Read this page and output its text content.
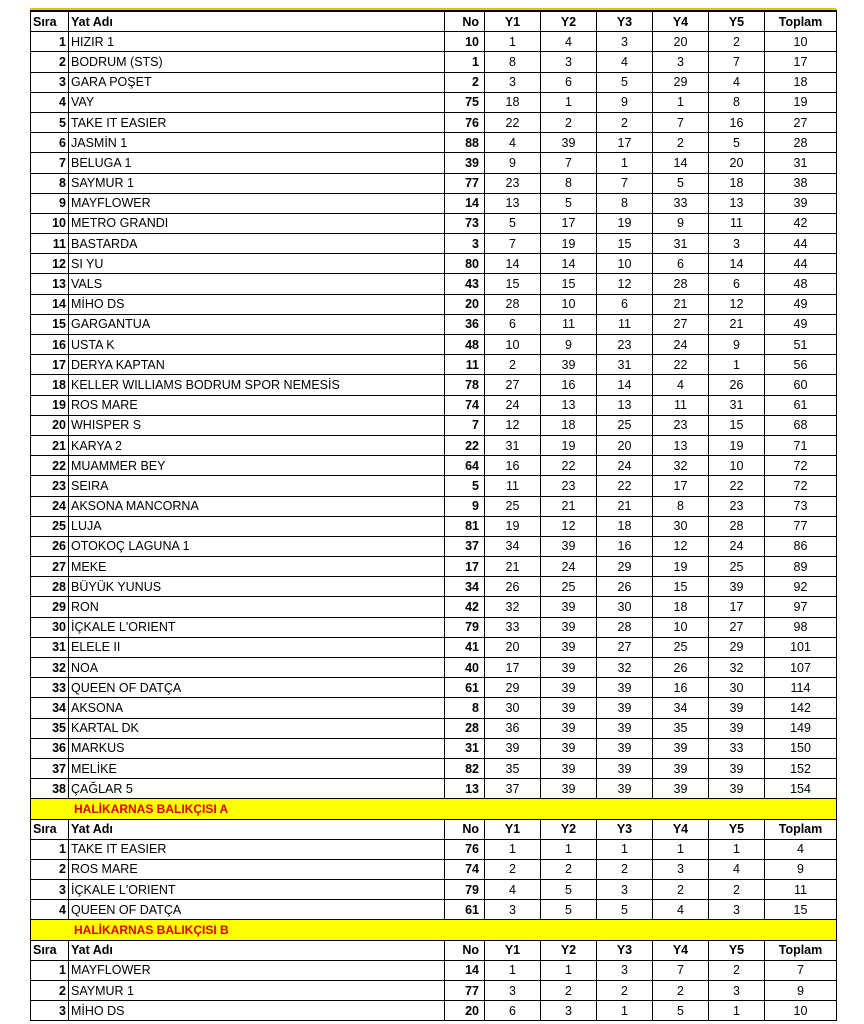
Sıra	Yat Adı	No	Y1	Y2	Y3	Y4	Y5	Toplam
1	HIZIR 1	10	1	4	3	20	2	10
2	BODRUM (STS)	1	8	3	4	3	7	17
3	GARA POŞET	2	3	6	5	29	4	18
4	VAY	75	18	1	9	1	8	19
5	TAKE IT EASIER	76	22	2	2	7	16	27
6	JASMİN 1	88	4	39	17	2	5	28
7	BELUGA 1	39	9	7	1	14	20	31
8	SAYMUR 1	77	23	8	7	5	18	38
9	MAYFLOWER	14	13	5	8	33	13	39
10	METRO GRANDI	73	5	17	19	9	11	42
11	BASTARDA	3	7	19	15	31	3	44
12	SI YU	80	14	14	10	6	14	44
13	VALS	43	15	15	12	28	6	48
14	MİHO DS	20	28	10	6	21	12	49
15	GARGANTUA	36	6	11	11	27	21	49
16	USTA K	48	10	9	23	24	9	51
17	DERYA KAPTAN	11	2	39	31	22	1	56
18	KELLER WILLIAMS BODRUM SPOR NEMESİS	78	27	16	14	4	26	60
19	ROS MARE	74	24	13	13	11	31	61
20	WHISPER S	7	12	18	25	23	15	68
21	KARYA 2	22	31	19	20	13	19	71
22	MUAMMER BEY	64	16	22	24	32	10	72
23	SEIRA	5	11	23	22	17	22	72
24	AKSONA MANCORNA	9	25	21	21	8	23	73
25	LUJA	81	19	12	18	30	28	77
26	OTOKOÇ LAGUNA 1	37	34	39	16	12	24	86
27	MEKE	17	21	24	29	19	25	89
28	BÜYÜK YUNUS	34	26	25	26	15	39	92
29	RON	42	32	39	30	18	17	97
30	İÇKALE L'ORIENT	79	33	39	28	10	27	98
31	ELELE II	41	20	39	27	25	29	101
32	NOA	40	17	39	32	26	32	107
33	QUEEN OF DATÇA	61	29	39	39	16	30	114
34	AKSONA	8	30	39	39	34	39	142
35	KARTAL DK	28	36	39	39	35	39	149
36	MARKUS	31	39	39	39	39	33	150
37	MELİKE	82	35	39	39	39	39	152
38	ÇAĞLAR 5	13	37	39	39	39	39	154
HALİKARNAS BALIKÇISI A								
Sıra	Yat Adı	No	Y1	Y2	Y3	Y4	Y5	Toplam
1	TAKE IT EASIER	76	1	1	1	1	1	4
2	ROS MARE	74	2	2	2	3	4	9
3	İÇKALE L'ORIENT	79	4	5	3	2	2	11
4	QUEEN OF DATÇA	61	3	5	5	4	3	15
HALİKARNAS BALIKÇISI B								
Sıra	Yat Adı	No	Y1	Y2	Y3	Y4	Y5	Toplam
1	MAYFLOWER	14	1	1	3	7	2	7
2	SAYMUR 1	77	3	2	2	2	3	9
3	MİHO DS	20	6	3	1	5	1	10
